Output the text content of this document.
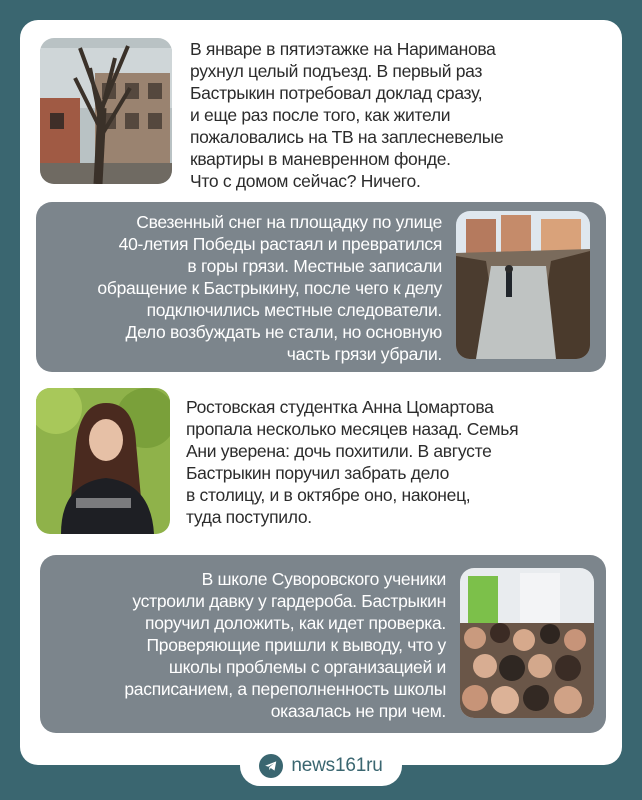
В январе в пятиэтажке на Нариманова
рухнул целый подъезд. В первый раз
Бастрыкин потребовал доклад сразу,
и еще раз после того, как жители
пожаловались на ТВ на заплесневелые
квартиры в маневренном фонде.
Что с домом сейчас? Ничего.
Свезенный снег на площадку по улице
40-летия Победы растаял и превратился
в горы грязи. Местные записали
обращение к Бастрыкину, после чего к делу
подключились местные следователи.
Дело возбуждать не стали, но основную
часть грязи убрали.
Ростовская студентка Анна Цомартова
пропала несколько месяцев назад. Семья
Ани уверена: дочь похитили. В августе
Бастрыкин поручил забрать дело
в столицу, и в октябре оно, наконец,
туда поступило.
В школе Суворовского ученики
устроили давку у гардероба. Бастрыкин
поручил доложить, как идет проверка.
Проверяющие пришли к выводу, что у
школы проблемы с организацией и
расписанием, а переполненность школы
оказалась не при чем.
news161ru
